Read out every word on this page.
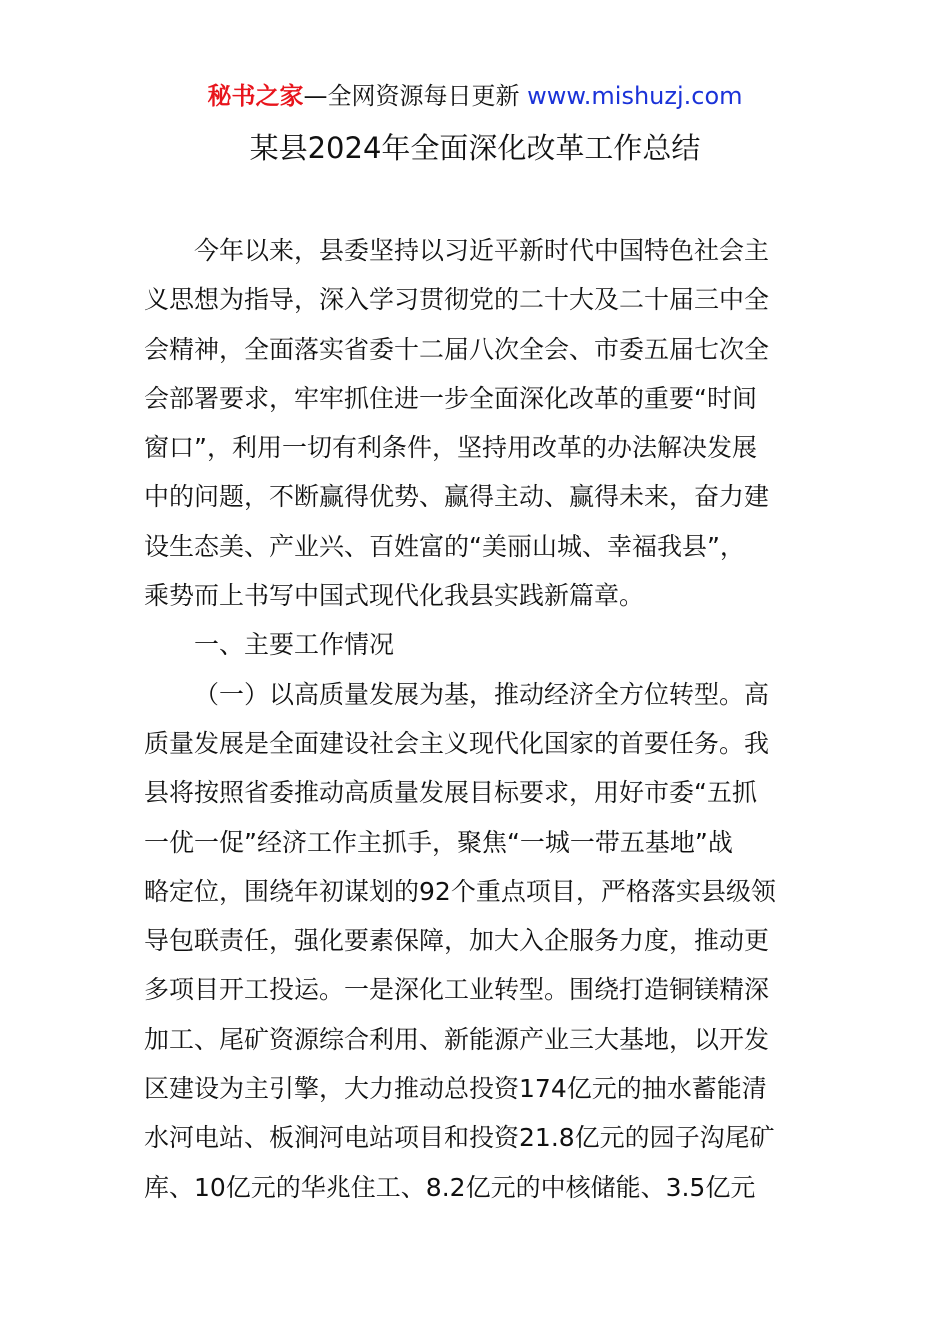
秘书之家—全网资源每日更新 www.mishuzj.com
某县2024年全面深化改革工作总结
今年以来，县委坚持以习近平新时代中国特色社会主
义思想为指导，深入学习贯彻党的二十大及二十届三中全
会精神，全面落实省委十二届八次全会、市委五届七次全
会部署要求，牢牢抓住进一步全面深化改革的重要“时间
窗口”，利用一切有利条件，坚持用改革的办法解决发展
中的问题，不断赢得优势、赢得主动、赢得未来，奋力建
设生态美、产业兴、百姓富的“美丽山城、幸福我县”，
乘势而上书写中国式现代化我县实践新篇章。
一、主要工作情况
（一）以高质量发展为基，推动经济全方位转型。高
质量发展是全面建设社会主义现代化国家的首要任务。我
县将按照省委推动高质量发展目标要求，用好市委“五抓
一优一促”经济工作主抓手，聚焦“一城一带五基地”战
略定位，围绕年初谋划的92个重点项目，严格落实县级领
导包联责任，强化要素保障，加大入企服务力度，推动更
多项目开工投运。一是深化工业转型。围绕打造铜镁精深
加工、尾矿资源综合利用、新能源产业三大基地，以开发
区建设为主引擎，大力推动总投资174亿元的抽水蓄能清
水河电站、板涧河电站项目和投资21.8亿元的园子沟尾矿
库、10亿元的华兆住工、8.2亿元的中核储能、3.5亿元
